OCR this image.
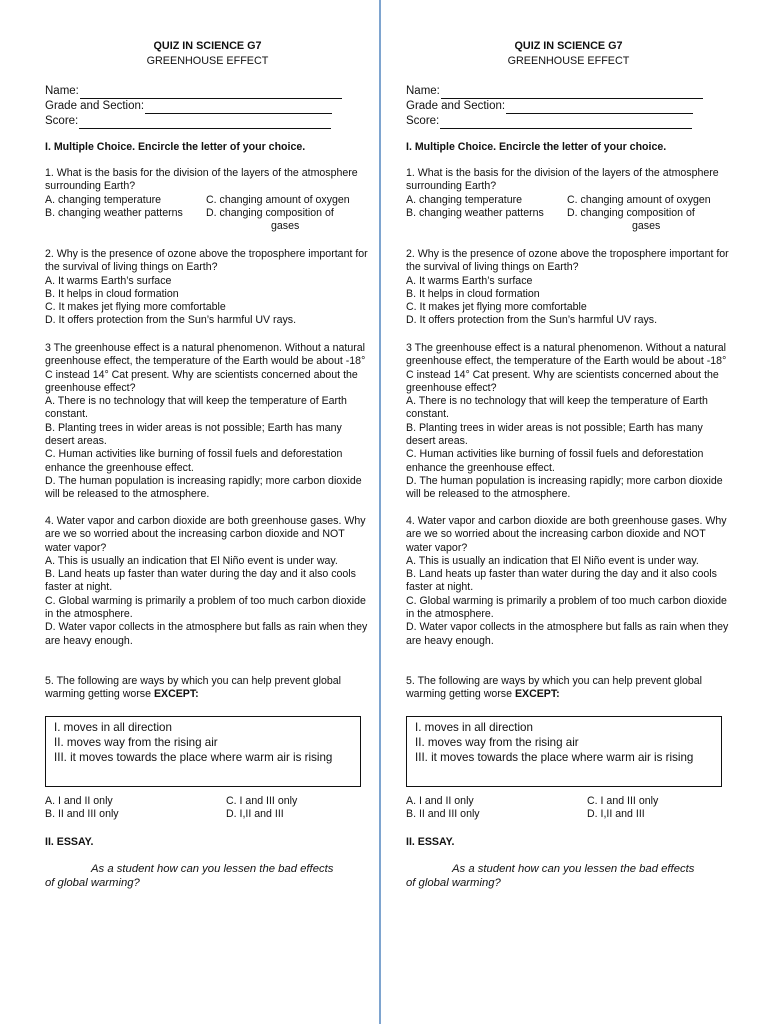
QUIZ IN SCIENCE G7
GREENHOUSE EFFECT
Name:
Grade and Section:
Score:
I. Multiple Choice. Encircle the letter of your choice.

1. What is the basis for the division of the layers of the atmosphere surrounding Earth?

A. changing temperature	C. changing amount of oxygen
B. changing weather patterns	D. changing composition of

gases

2. Why is the presence of ozone above the troposphere important for the survival of living things on Earth?

A. It warms Earth’s surface

B. It helps in cloud formation

C. It makes jet flying more comfortable

D. It offers protection from the Sun’s harmful UV rays.

3 The greenhouse effect is a natural phenomenon. Without a natural greenhouse effect, the temperature of the Earth would be about -18° C instead 14° Cat present. Why are scientists concerned about the greenhouse effect?

A. There is no technology that will keep the temperature of Earth constant.

B. Planting trees in wider areas is not possible; Earth has many desert areas.

C. Human activities like burning of fossil fuels and deforestation enhance the greenhouse effect.

D. The human population is increasing rapidly; more carbon dioxide will be released to the atmosphere.

4. Water vapor and carbon dioxide are both greenhouse gases. Why are we so worried about the increasing carbon dioxide and NOT water vapor?

A. This is usually an indication that El Niño event is under way.

B. Land heats up faster than water during the day and it also cools faster at night.

C. Global warming is primarily a problem of too much carbon dioxide in the atmosphere.

D. Water vapor collects in the atmosphere but falls as rain when they are heavy enough.

5. The following are ways by which you can help prevent global warming getting worse EXCEPT:

I. moves in all direction

II. moves way from the rising air

III. it moves towards the place where warm air is rising

A. I and II only	C. I and III only
B. II and III only	D. I,II and III
II. ESSAY.
As a student how can you lessen the bad effects
of global warming?
QUIZ IN SCIENCE G7
GREENHOUSE EFFECT
Name:
Grade and Section:
Score:
I. Multiple Choice. Encircle the letter of your choice.

1. What is the basis for the division of the layers of the atmosphere surrounding Earth?

A. changing temperature	C. changing amount of oxygen
B. changing weather patterns	D. changing composition of

gases

2. Why is the presence of ozone above the troposphere important for the survival of living things on Earth?

A. It warms Earth’s surface

B. It helps in cloud formation

C. It makes jet flying more comfortable

D. It offers protection from the Sun’s harmful UV rays.

3 The greenhouse effect is a natural phenomenon. Without a natural greenhouse effect, the temperature of the Earth would be about -18° C instead 14° Cat present. Why are scientists concerned about the greenhouse effect?

A. There is no technology that will keep the temperature of Earth constant.

B. Planting trees in wider areas is not possible; Earth has many desert areas.

C. Human activities like burning of fossil fuels and deforestation enhance the greenhouse effect.

D. The human population is increasing rapidly; more carbon dioxide will be released to the atmosphere.

4. Water vapor and carbon dioxide are both greenhouse gases. Why are we so worried about the increasing carbon dioxide and NOT water vapor?

A. This is usually an indication that El Niño event is under way.

B. Land heats up faster than water during the day and it also cools faster at night.

C. Global warming is primarily a problem of too much carbon dioxide in the atmosphere.

D. Water vapor collects in the atmosphere but falls as rain when they are heavy enough.

5. The following are ways by which you can help prevent global warming getting worse EXCEPT:

I. moves in all direction

II. moves way from the rising air

III. it moves towards the place where warm air is rising

A. I and II only	C. I and III only
B. II and III only	D. I,II and III
II. ESSAY.
As a student how can you lessen the bad effects
of global warming?
